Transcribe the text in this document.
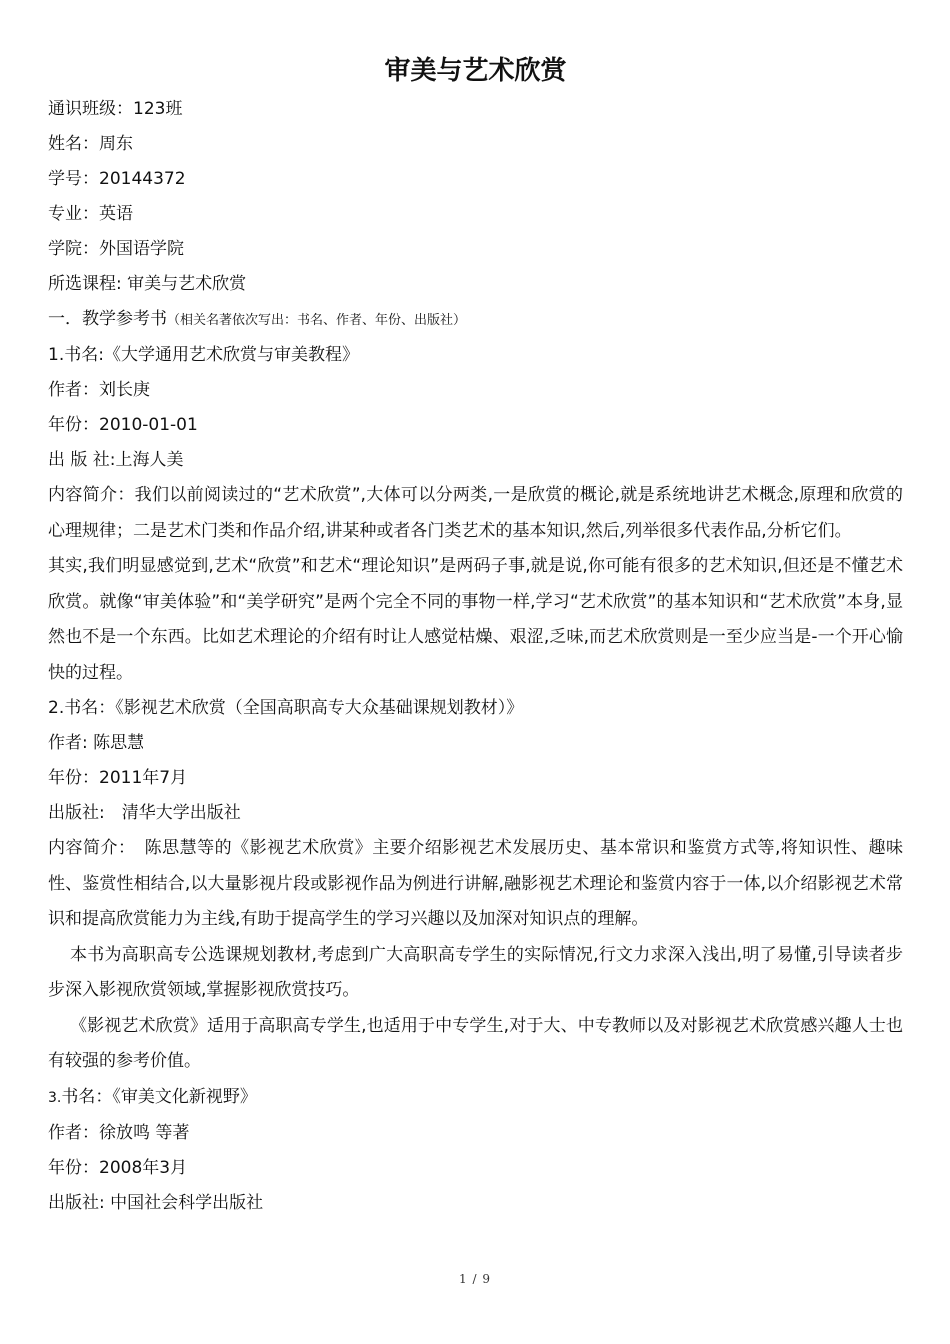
审美与艺术欣赏

通识班级：123班

姓名：周东

学号：20144372

专业：英语

学院：外国语学院

所选课程: 审美与艺术欣赏

一．教学参考书（相关名著依次写出：书名、作者、年份、出版社）

1.书名:《大学通用艺术欣赏与审美教程》

作者：刘长庚

年份：2010-01-01

出 版 社:上海人美

内容简介：我们以前阅读过的“艺术欣赏”,大体可以分两类,一是欣赏的概论,就是系统地讲艺术概念,原理和欣赏的心理规律；二是艺术门类和作品介绍,讲某种或者各门类艺术的基本知识,然后,列举很多代表作品,分析它们。

其实,我们明显感觉到,艺术“欣赏”和艺术“理论知识”是两码子事,就是说,你可能有很多的艺术知识,但还是不懂艺术欣赏。就像“审美体验”和“美学研究”是两个完全不同的事物一样,学习“艺术欣赏”的基本知识和“艺术欣赏”本身,显然也不是一个东西。比如艺术理论的介绍有时让人感觉枯燥、艰涩,乏味,而艺术欣赏则是一至少应当是-一个开心愉快的过程。

2.书名：《影视艺术欣赏（全国高职高专大众基础课规划教材）》

作者: 陈思慧

年份：2011年7月

出版社:　清华大学出版社

内容简介：　陈思慧等的《影视艺术欣赏》主要介绍影视艺术发展历史、基本常识和鉴赏方式等,将知识性、趣味性、鉴赏性相结合,以大量影视片段或影视作品为例进行讲解,融影视艺术理论和鉴赏内容于一体,以介绍影视艺术常识和提高欣赏能力为主线,有助于提高学生的学习兴趣以及加深对知识点的理解。

本书为高职高专公选课规划教材,考虑到广大高职高专学生的实际情况,行文力求深入浅出,明了易懂,引导读者步步深入影视欣赏领域,掌握影视欣赏技巧。

《影视艺术欣赏》适用于高职高专学生,也适用于中专学生,对于大、中专教师以及对影视艺术欣赏感兴趣人士也有较强的参考价值。

3.书名：《审美文化新视野》

作者：徐放鸣 等著

年份：2008年3月

出版社: 中国社会科学出版社

1 / 9
